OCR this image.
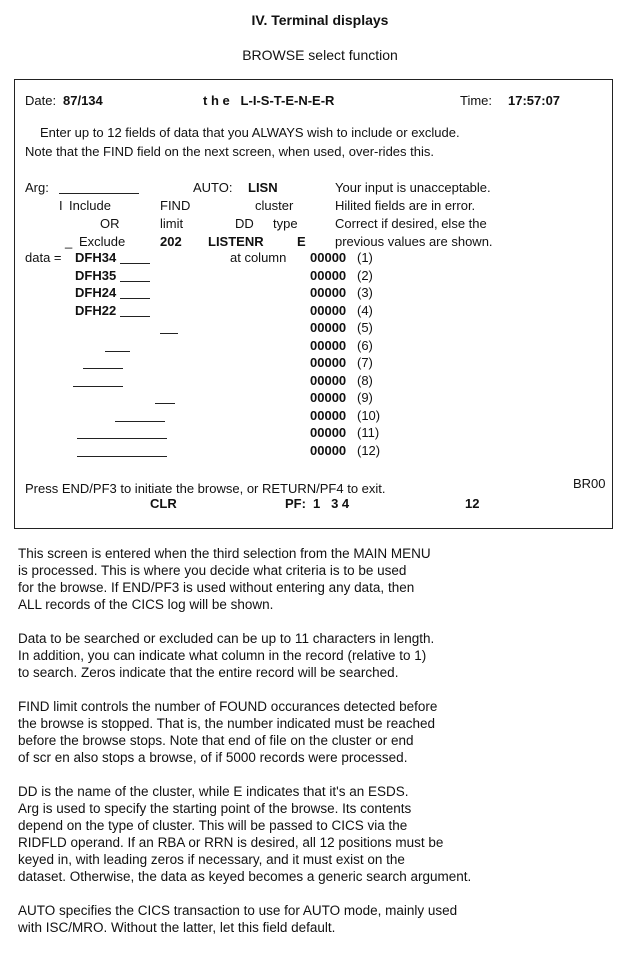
IV. Terminal displays
BROWSE select function
Date: 87/134	t h e   L-I-S-T-E-N-E-R	Time: 17:57:07
Enter up to 12 fields of data that you ALWAYS wish to include or exclude.
Note that the FIND field on the next screen, when used, over-rides this.
Arg:	AUTO: LISN	Your input is unacceptable.
I Include	FIND	cluster	Hilited fields are in error.
OR	limit	DD type	Correct if desired, else the
_ Exclude	202 LISTENR	E previous values are shown.
data =	at column
DFH34	00000 (1)
DFH35	00000 (2)
DFH24	00000 (3)
DFH22	00000 (4)
00000 (5)
00000 (6)
00000 (7)
00000 (8)
00000 (9)
00000 (10)
00000 (11)
00000 (12)
Press END/PF3 to initiate the browse, or RETURN/PF4 to exit.	BR00
CLR	PF: 1   3 4	12

This screen is entered when the third selection from the MAIN MENU
is processed. This is where you decide what criteria is to be used
for the browse. If END/PF3 is used without entering any data, then
ALL records of the CICS log will be shown.

Data to be searched or excluded can be up to 11 characters in length.
In addition, you can indicate what column in the record (relative to 1)
to search. Zeros indicate that the entire record will be searched.

FIND limit controls the number of FOUND occurances detected before
the browse is stopped. That is, the number indicated must be reached
before the browse stops. Note that end of file on the cluster or end
of scr en also stops a browse, of if 5000 records were processed.

DD is the name of the cluster, while E indicates that it's an ESDS.
Arg is used to specify the starting point of the browse. Its contents
depend on the type of cluster. This will be passed to CICS via the
RIDFLD operand. If an RBA or RRN is desired, all 12 positions must be
keyed in, with leading zeros if necessary, and it must exist on the
dataset. Otherwise, the data as keyed becomes a generic search argument.

AUTO specifies the CICS transaction to use for AUTO mode, mainly used
with ISC/MRO. Without the latter, let this field default.
